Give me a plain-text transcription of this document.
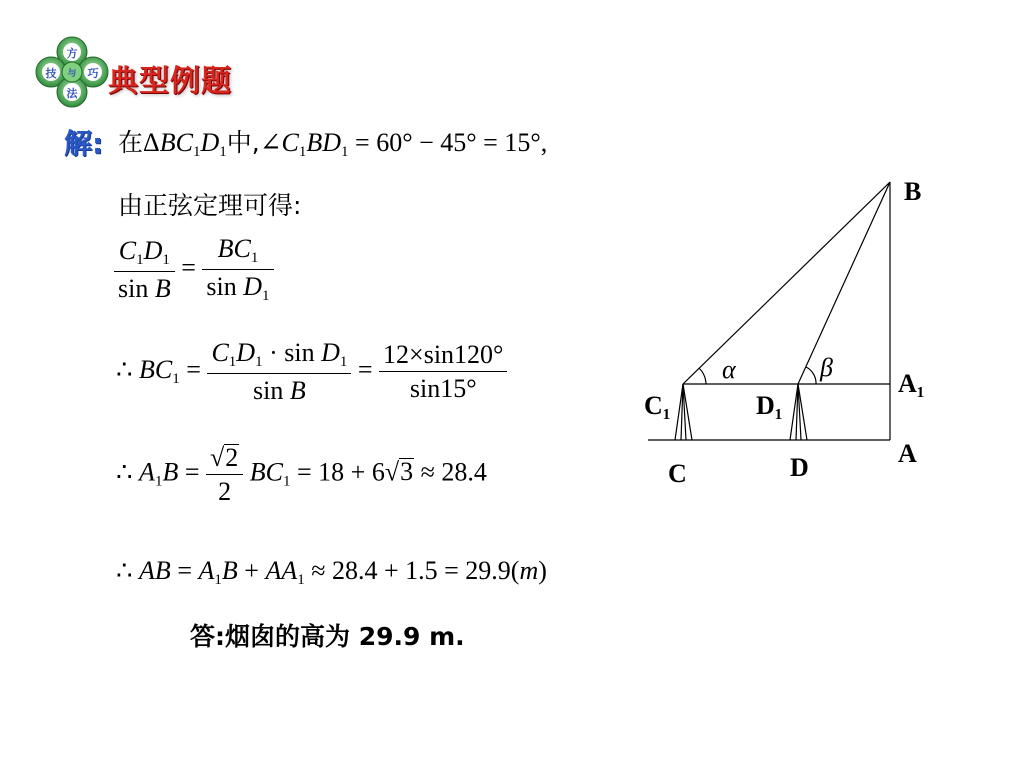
方
技 与 巧
法 典型例题
解: 在$\Delta BC_1D_1$中$,\angle C_1BD_1 = 60^\circ - 45^\circ = 15^\circ$,
由正弦定理可得:
$\frac{C_1D_1}{\text{sin B}} = \frac{BC_1}{\sin D_1}$
∴ $BC_1 = \frac{C_1D_1 \cdot \sin D_1}{\text{sin B}} = \frac{12\times\sin 120^\circ}{\sin 15^\circ}$
∴ $A_1B = \frac{√2}{2} BC_1 = 18 + 6√3 \approx 28.4$
∴ AB = $A_1B + AA_1 \approx 28.4 + 1.5 = 29.9(m)$
答:烟囱的高为 29.9 m.
B
A₁
A
C₁	D₁
C	D
α	β
